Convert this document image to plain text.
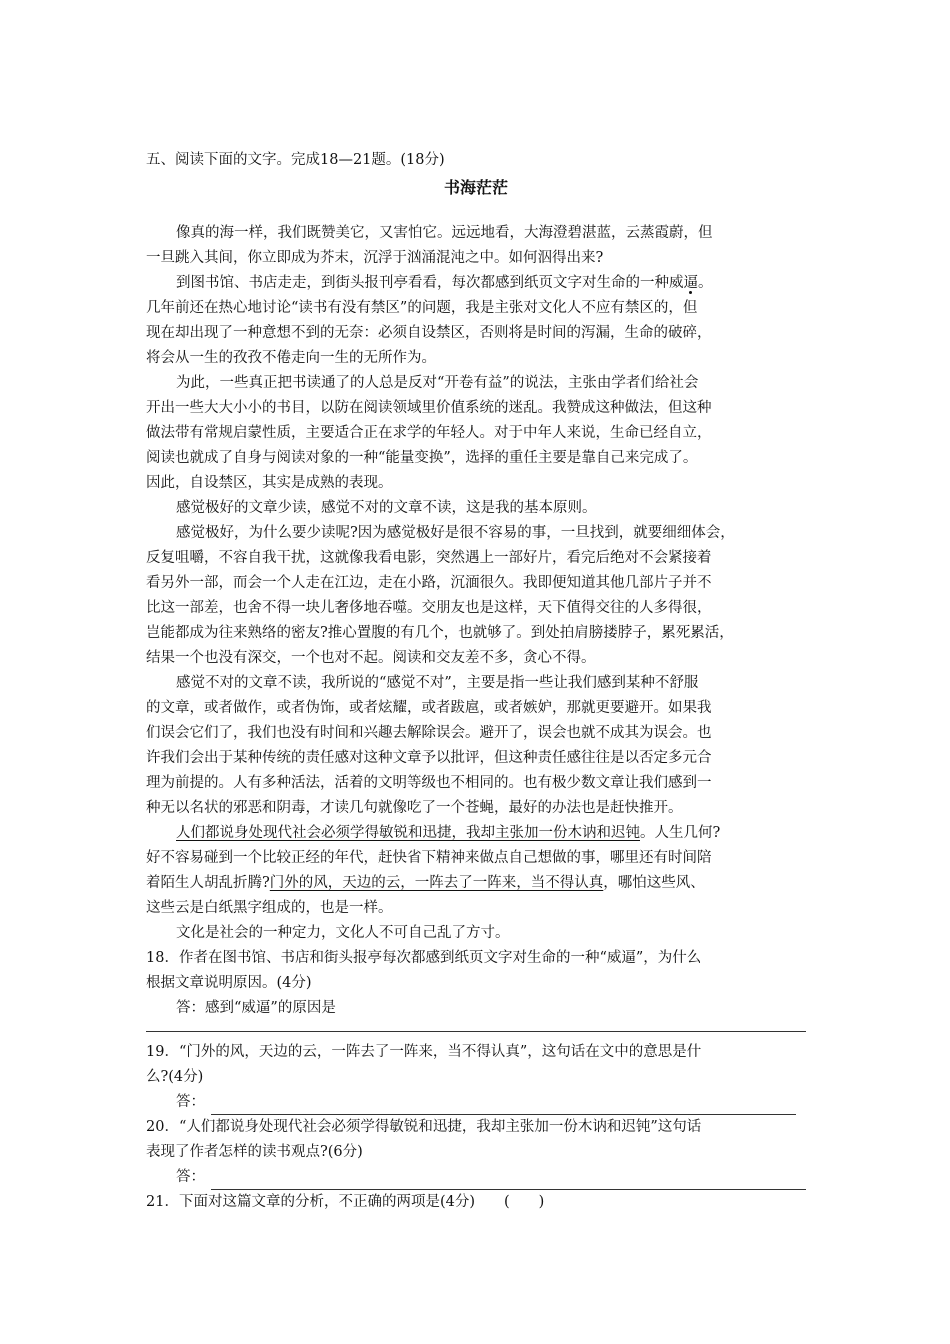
五、阅读下面的文字。完成18—21题。(18分)
书海茫茫
像真的海一样，我们既赞美它，又害怕它。远远地看，大海澄碧湛蓝，云蒸霞蔚，但
一旦跳入其间，你立即成为芥末，沉浮于汹涌混沌之中。如何泅得出来?
到图书馆、书店走走，到街头报刊亭看看，每次都感到纸页文字对生命的一种威逼。
几年前还在热心地讨论“读书有没有禁区”的问题，我是主张对文化人不应有禁区的，但
现在却出现了一种意想不到的无奈：必须自设禁区，否则将是时间的泻漏，生命的破碎，
将会从一生的孜孜不倦走向一生的无所作为。
为此，一些真正把书读通了的人总是反对“开卷有益”的说法，主张由学者们给社会
开出一些大大小小的书目，以防在阅读领域里价值系统的迷乱。我赞成这种做法，但这种
做法带有常规启蒙性质，主要适合正在求学的年轻人。对于中年人来说，生命已经自立，
阅读也就成了自身与阅读对象的一种“能量变换”，选择的重任主要是靠自己来完成了。
因此，自设禁区，其实是成熟的表现。
感觉极好的文章少读，感觉不对的文章不读，这是我的基本原则。
感觉极好，为什么要少读呢?因为感觉极好是很不容易的事，一旦找到，就要细细体会，
反复咀嚼，不容自我干扰，这就像我看电影，突然遇上一部好片，看完后绝对不会紧接着
看另外一部，而会一个人走在江边，走在小路，沉湎很久。我即便知道其他几部片子并不
比这一部差，也舍不得一块儿奢侈地吞噬。交朋友也是这样，天下值得交往的人多得很，
岂能都成为往来熟络的密友?推心置腹的有几个，也就够了。到处拍肩膀搂脖子，累死累活，
结果一个也没有深交，一个也对不起。阅读和交友差不多，贪心不得。
感觉不对的文章不读，我所说的“感觉不对”，主要是指一些让我们感到某种不舒服
的文章，或者做作，或者伪饰，或者炫耀，或者跋扈，或者嫉妒，那就更要避开。如果我
们误会它们了，我们也没有时间和兴趣去解除误会。避开了，误会也就不成其为误会。也
许我们会出于某种传统的责任感对这种文章予以批评，但这种责任感往往是以否定多元合
理为前提的。人有多种活法，活着的文明等级也不相同的。也有极少数文章让我们感到一
种无以名状的邪恶和阴毒，才读几句就像吃了一个苍蝇，最好的办法也是赶快推开。
人们都说身处现代社会必须学得敏锐和迅捷，我却主张加一份木讷和迟钝。人生几何?
好不容易碰到一个比较正经的年代，赶快省下精神来做点自己想做的事，哪里还有时间陪
着陌生人胡乱折腾?门外的风，天边的云，一阵去了一阵来，当不得认真，哪怕这些风、
这些云是白纸黑字组成的，也是一样。
文化是社会的一种定力，文化人不可自己乱了方寸。
18．作者在图书馆、书店和街头报亭每次都感到纸页文字对生命的一种“威逼”，为什么
根据文章说明原因。(4分)
答：感到“威逼”的原因是
19．“门外的风，天边的云，一阵去了一阵来，当不得认真”，这句话在文中的意思是什
么?(4分)
答：
20．“人们都说身处现代社会必须学得敏锐和迅捷，我却主张加一份木讷和迟钝”这句话
表现了作者怎样的读书观点?(6分)
答：
21．下面对这篇文章的分析，不正确的两项是(4分)　　(　　)
